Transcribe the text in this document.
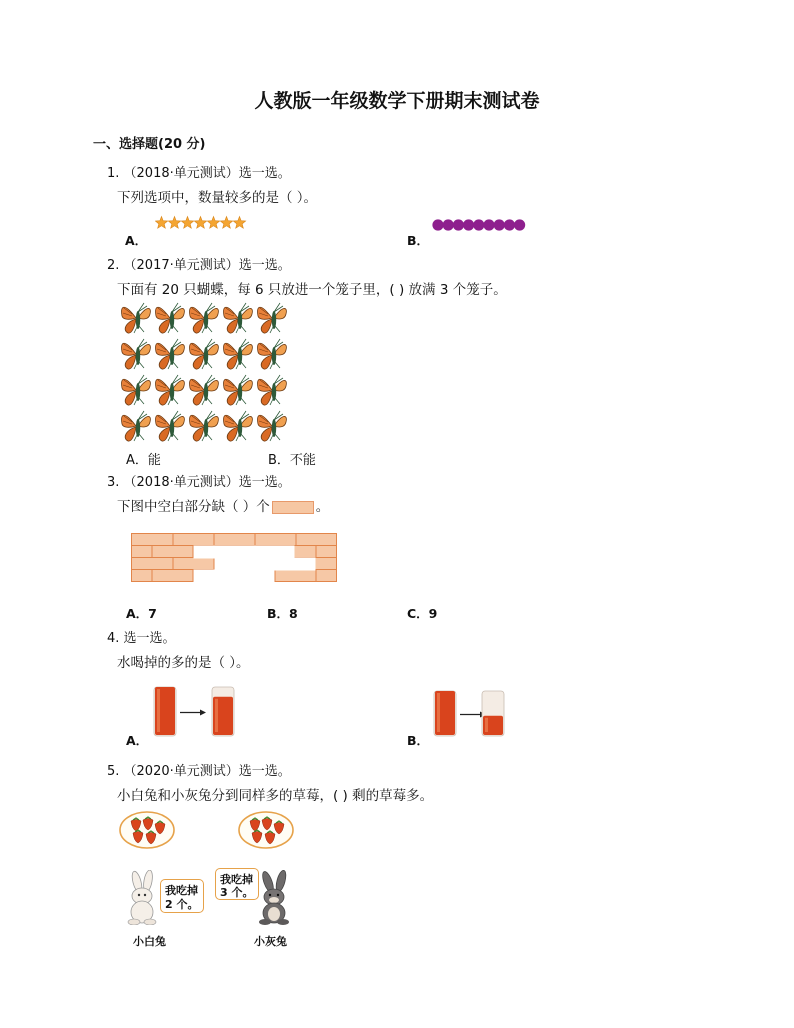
人教版一年级数学下册期末测试卷
一、选择题(20 分)
1. （2018·单元测试）选一选。
下列选项中，数量较多的是（ ）。
A．	B．
2. （2017·单元测试）选一选。
下面有 20 只蝴蝶，每 6 只放进一个笼子里，( ) 放满 3 个笼子。
A．能	B．不能
3. （2018·单元测试）选一选。
下图中空白部分缺（ ）个	。
A．7	B．8	C．9
4. 选一选。
水喝掉的多的是（ ）。
A．	B．
5. （2020·单元测试）选一选。
小白兔和小灰兔分到同样多的草莓，( ) 剩的草莓多。
我吃掉
2 个。
小白兔
我吃掉
3 个。
小灰兔
